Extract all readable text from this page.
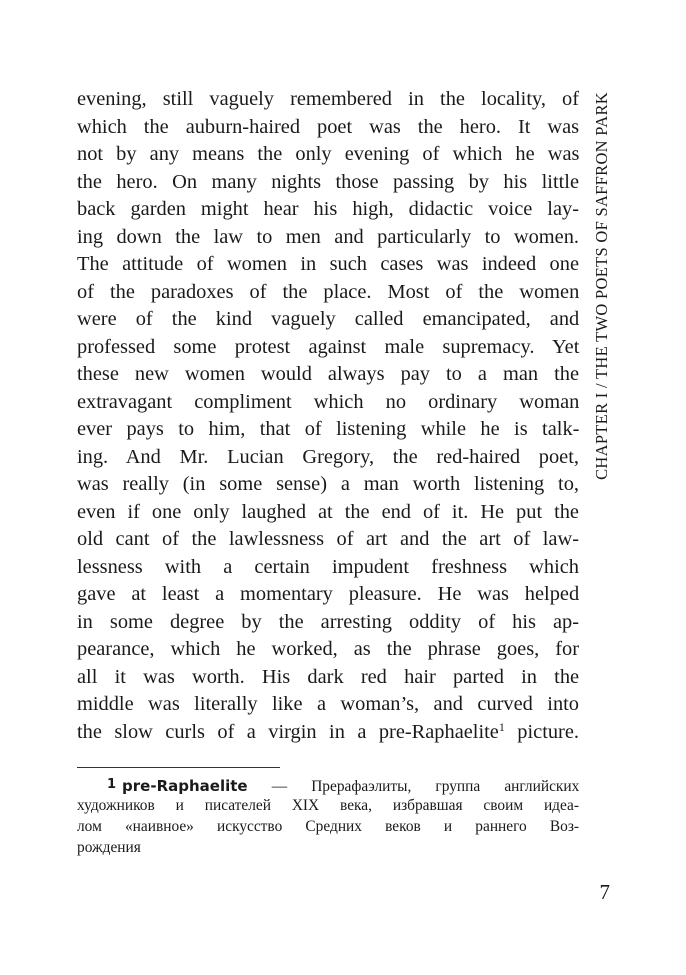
CHAPTER I / THE TWO POETS OF SAFFRON PARK
evening, still vaguely remembered in the locality, of
which the auburn-haired poet was the hero. It was
not by any means the only evening of which he was
the hero. On many nights those passing by his little
back garden might hear his high, didactic voice lay-
ing down the law to men and particularly to women.
The attitude of women in such cases was indeed one
of the paradoxes of the place. Most of the women
were of the kind vaguely called emancipated, and
professed some protest against male supremacy. Yet
these new women would always pay to a man the
extravagant compliment which no ordinary woman
ever pays to him, that of listening while he is talk-
ing. And Mr. Lucian Gregory, the red-haired poet,
was really (in some sense) a man worth listening to,
even if one only laughed at the end of it. He put the
old cant of the lawlessness of art and the art of law-
lessness with a certain impudent freshness which
gave at least a momentary pleasure. He was helped
in some degree by the arresting oddity of his ap-
pearance, which he worked, as the phrase goes, for
all it was worth. His dark red hair parted in the
middle was literally like a woman’s, and curved into
the slow curls of a virgin in a pre-Raphaelite$^1$ picture.
1 pre-Raphaelite — Прерафаэлиты, группа английских
художников и писателей XIX века, избравшая своим идеа-
лом «наивное» искусство Средних веков и раннего Воз-
рождения
7
